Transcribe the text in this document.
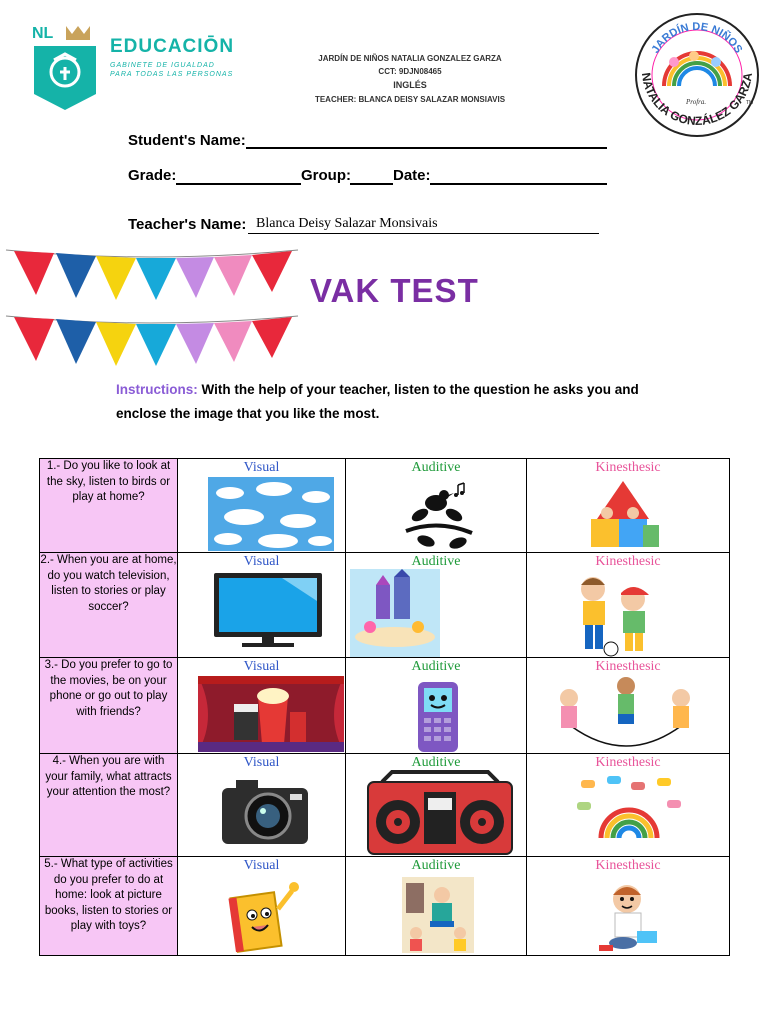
NL
EDUCACIŌN
GABINETE DE IGUALDAD
PARA TODAS LAS PERSONAS
JARDÍN DE NIÑOS NATALIA GONZALEZ GARZA
CCT: 9DJN08465
INGLÉS
TEACHER: BLANCA DEISY SALAZAR MONSIAVIS
JARDÍN DE NIÑOS
Profra.
NATALIA GONZÁLEZ GARZA
TM
Student's Name:
Grade:	Group:	Date:
Teacher's Name: Blanca Deisy Salazar Monsivais
VAK TEST
Instructions: With the help of your teacher, listen to the question he asks you and
enclose the image that you like the most.
1.- Do you like to look at the sky, listen to birds or play at home?	Visual	Auditive	Kinesthesic

2.- When you are at home, do you watch television, listen to stories or play soccer?	Visual	Auditive	Kinesthesic

3.- Do you prefer to go to the movies, be on your phone or go out to play with friends?	Visual	Auditive	Kinesthesic

4.- When you are with your family, what attracts your attention the most?	Visual	Auditive	Kinesthesic

5.- What type of activities do you prefer to do at home: look at picture books, listen to stories or play with toys?	Visual	Auditive	Kinesthesic
